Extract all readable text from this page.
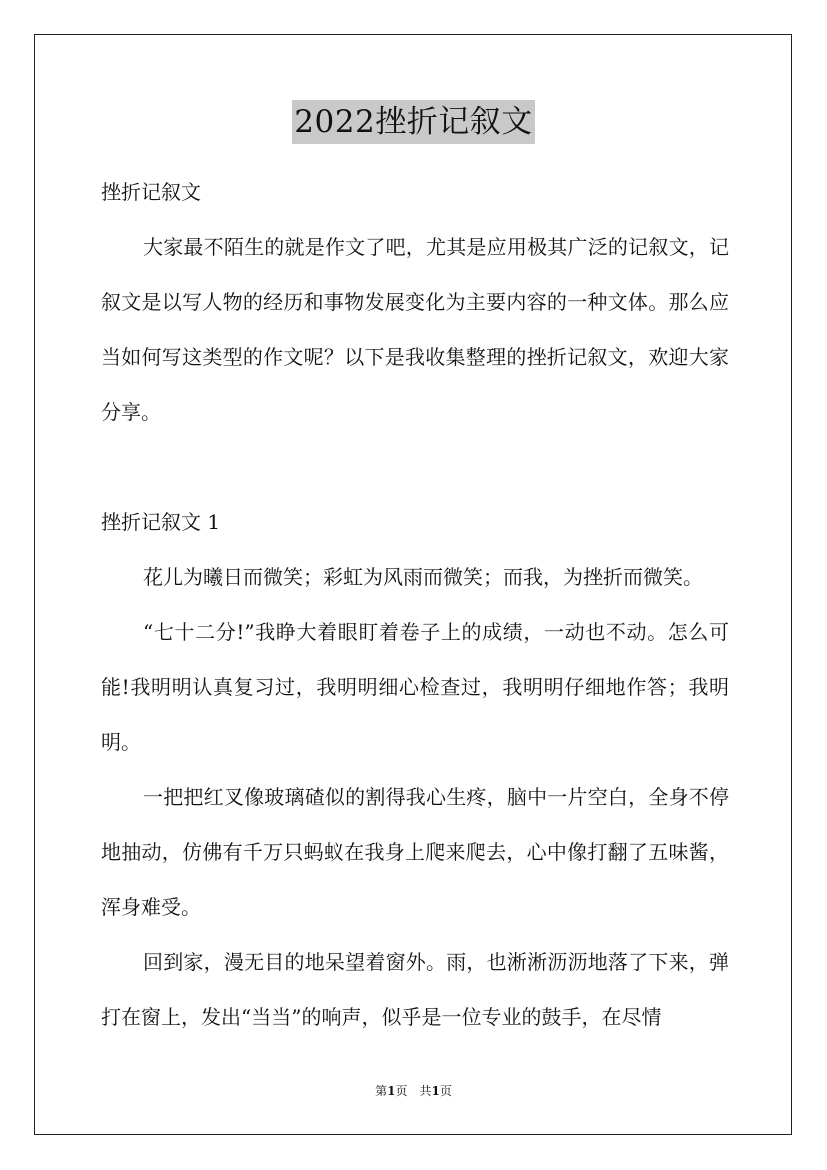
2022挫折记叙文

挫折记叙文

大家最不陌生的就是作文了吧，尤其是应用极其广泛的记叙文，记叙文是以写人物的经历和事物发展变化为主要内容的一种文体。那么应当如何写这类型的作文呢？以下是我收集整理的挫折记叙文，欢迎大家分享。

挫折记叙文 1

花儿为曦日而微笑；彩虹为风雨而微笑；而我，为挫折而微笑。

“七十二分!”我睁大着眼盯着卷子上的成绩，一动也不动。怎么可能!我明明认真复习过，我明明细心检查过，我明明仔细地作答；我明明。

一把把红叉像玻璃碴似的割得我心生疼，脑中一片空白，全身不停地抽动，仿佛有千万只蚂蚁在我身上爬来爬去，心中像打翻了五味酱，浑身难受。

回到家，漫无目的地呆望着窗外。雨，也淅淅沥沥地落了下来，弹打在窗上，发出“当当”的响声，似乎是一位专业的鼓手，在尽情

第1页　共1页
